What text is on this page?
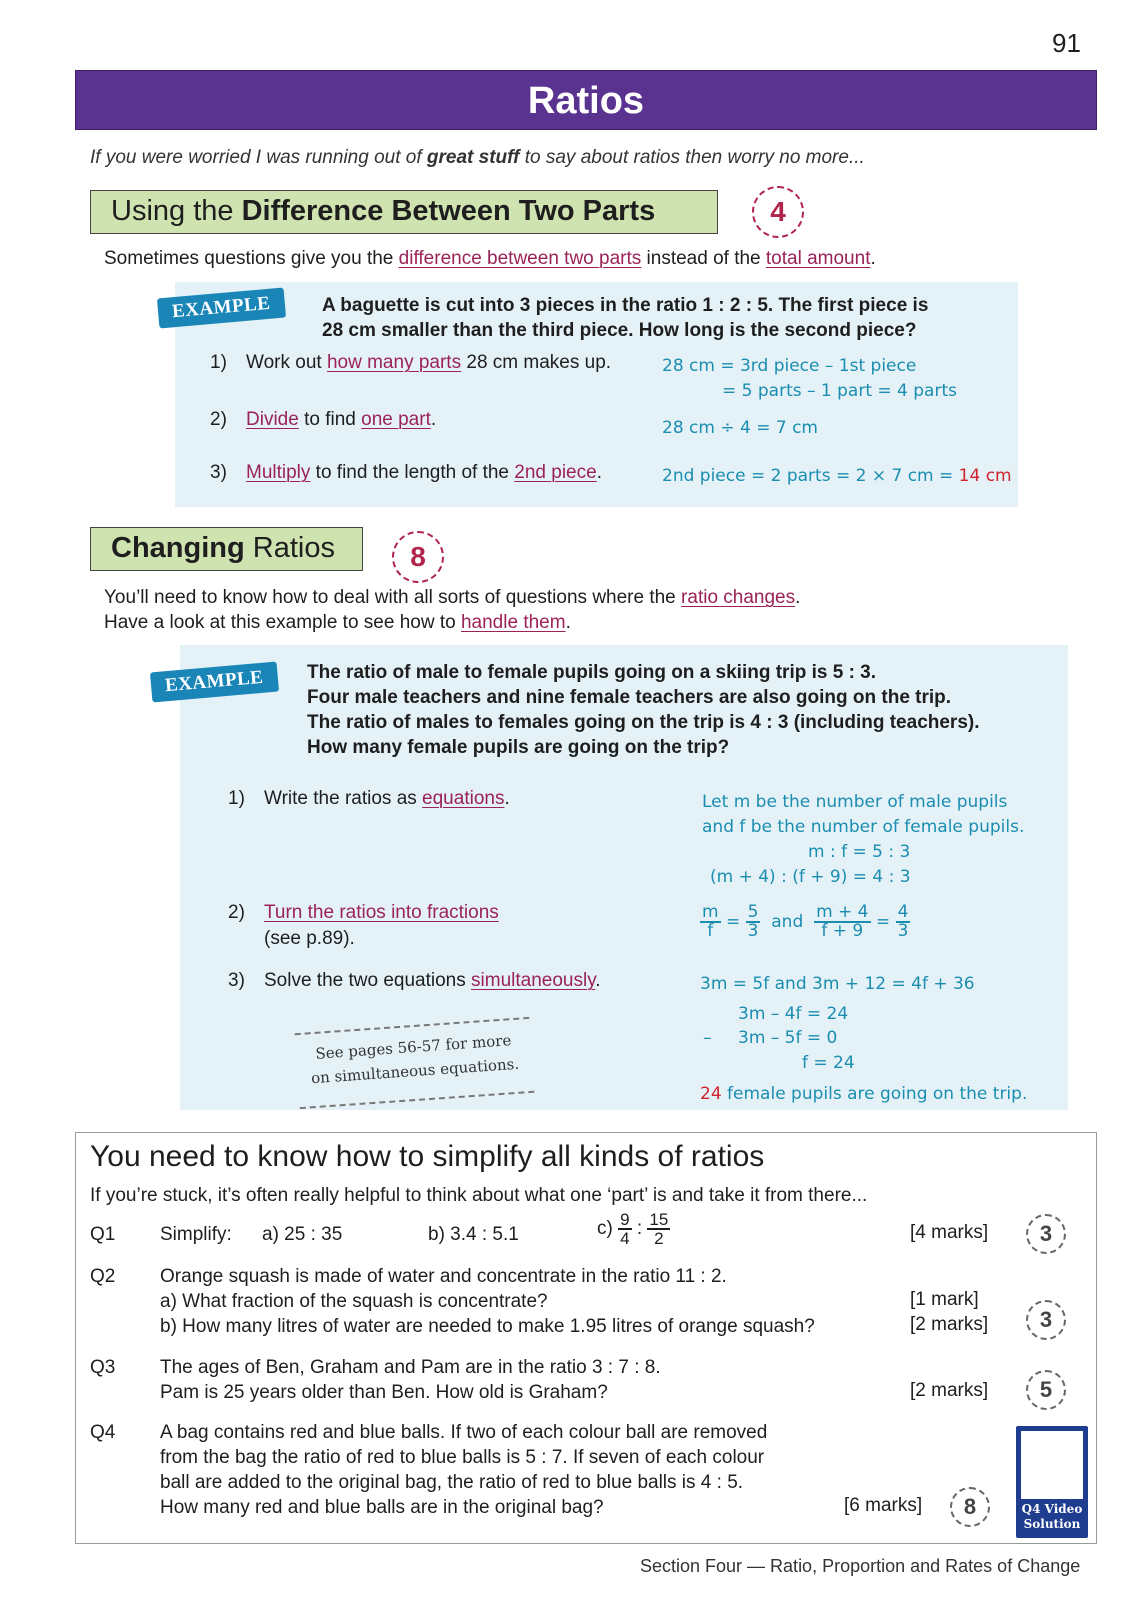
91
Ratios
If you were worried I was running out of great stuff to say about ratios then worry no more...
Using the Difference Between Two Parts	4
Sometimes questions give you the difference between two parts instead of the total amount.
EXAMPLE	A baguette is cut into 3 pieces in the ratio 1 : 2 : 5. The first piece is
28 cm smaller than the third piece. How long is the second piece?
1) Work out how many parts 28 cm makes up.	28 cm = 3rd piece – 1st piece
= 5 parts – 1 part = 4 parts
2) Divide to find one part.	28 cm ÷ 4 = 7 cm
3) Multiply to find the length of the 2nd piece.	2nd piece = 2 parts = 2 × 7 cm = 14 cm
Changing Ratios	8
You’ll need to know how to deal with all sorts of questions where the ratio changes.
Have a look at this example to see how to handle them.
EXAMPLE	The ratio of male to female pupils going on a skiing trip is 5 : 3.
Four male teachers and nine female teachers are also going on the trip.
The ratio of males to females going on the trip is 4 : 3 (including teachers).
How many female pupils are going on the trip?
1) Write the ratios as equations.	Let m be the number of male pupils
and f be the number of female pupils.
m : f = 5 : 3
(m + 4) : (f + 9) = 4 : 3
2) Turn the ratios into fractions
(see p.89).	$\frac{m}{f} = \frac{5}{3}$ and $\frac{m + 4}{f + 9} = \frac{4}{3}$
3) Solve the two equations simultaneously.	3m = 5f and 3m + 12 = 4f + 36
3m – 4f = 24
– 3m – 5f = 0
f = 24
24 female pupils are going on the trip.
See pages 56-57 for more
on simultaneous equations.
You need to know how to simplify all kinds of ratios
If you’re stuck, it’s often really helpful to think about what one ‘part’ is and take it from there...
Q1 Simplify: a) 25 : 35	b) 3.4 : 5.1	$c) \frac{9}{4}$ : $\frac{15}{2}$	[4 marks]	3
Q2 Orange squash is made of water and concentrate in the ratio 11 : 2.
a) What fraction of the squash is concentrate?
b) How many litres of water are needed to make 1.95 litres of orange squash?
[1 mark]
[2 marks]	3
Q3 The ages of Ben, Graham and Pam are in the ratio 3 : 7 : 8.
Pam is 25 years older than Ben. How old is Graham?	[2 marks]	5
Q4 A bag contains red and blue balls. If two of each colour ball are removed
from the bag the ratio of red to blue balls is 5 : 7. If seven of each colour
ball are added to the original bag, the ratio of red to blue balls is 4 : 5.
How many red and blue balls are in the original bag?	[6 marks]	8	Q4 Video
Solution
Section Four — Ratio, Proportion and Rates of Change
